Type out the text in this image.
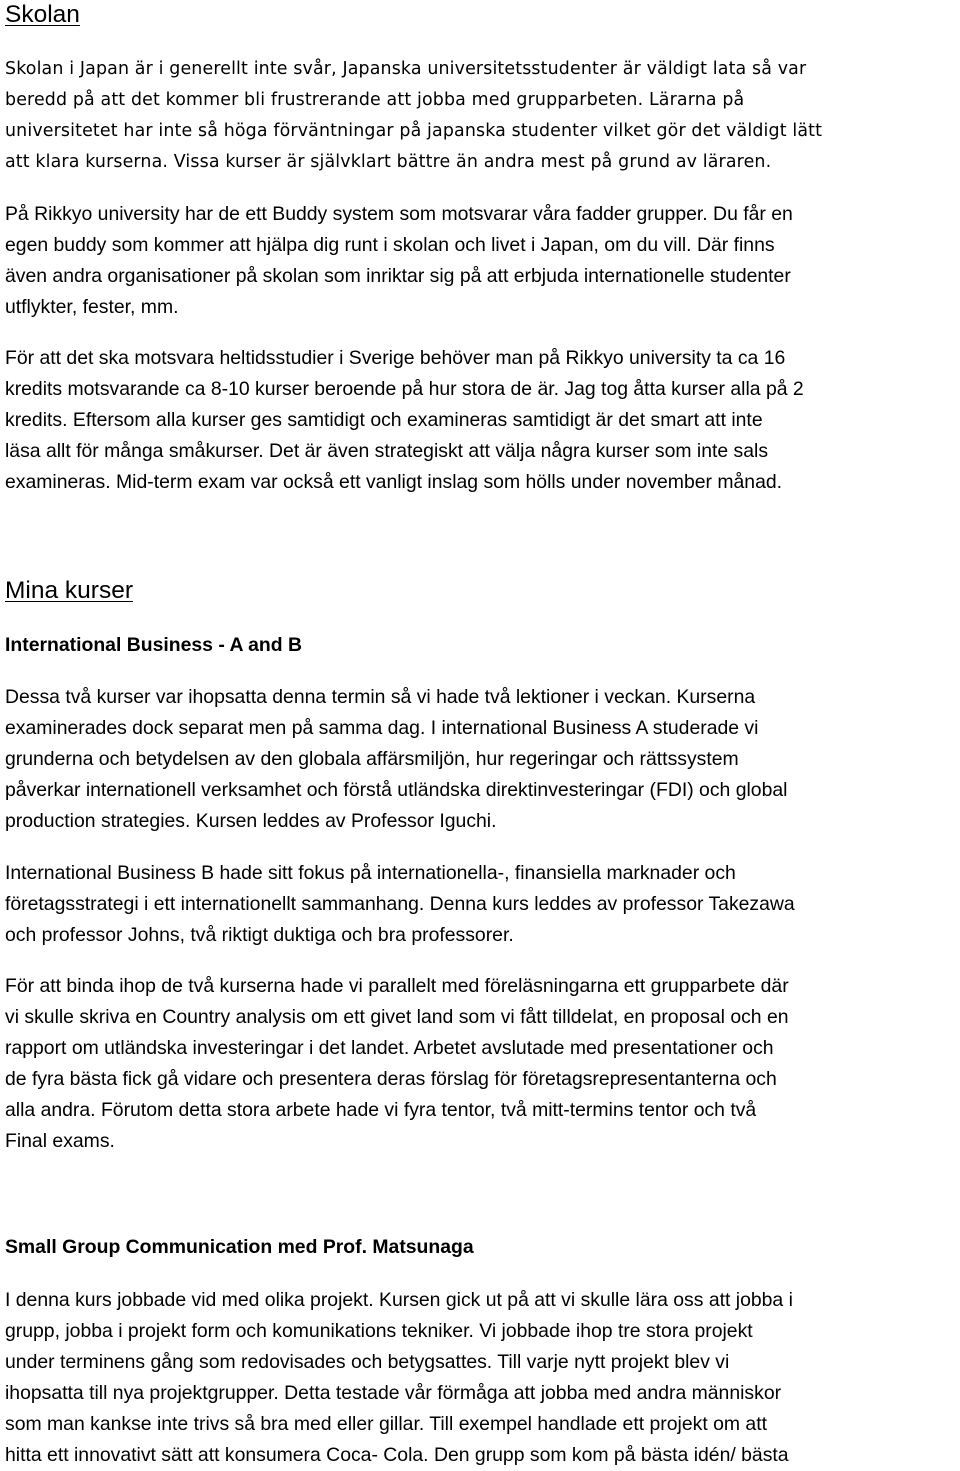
Skolan

Skolan i Japan är i generellt inte svår, Japanska universitetsstudenter är väldigt lata så var
beredd på att det kommer bli frustrerande att jobba med grupparbeten. Lärarna på
universitetet har inte så höga förväntningar på japanska studenter vilket gör det väldigt lätt
att klara kurserna. Vissa kurser är självklart bättre än andra mest på grund av läraren.

På Rikkyo university har de ett Buddy system som motsvarar våra fadder grupper. Du får en
egen buddy som kommer att hjälpa dig runt i skolan och livet i Japan, om du vill. Där finns
även andra organisationer på skolan som inriktar sig på att erbjuda internationelle studenter
utflykter, fester, mm.

För att det ska motsvara heltidsstudier i Sverige behöver man på Rikkyo university ta ca 16
kredits motsvarande ca 8-10 kurser beroende på hur stora de är. Jag tog åtta kurser alla på 2
kredits. Eftersom alla kurser ges samtidigt och examineras samtidigt är det smart att inte
läsa allt för många småkurser. Det är även strategiskt att välja några kurser som inte sals
examineras. Mid-term exam var också ett vanligt inslag som hölls under november månad.

Mina kurser
International Business - A and B

Dessa två kurser var ihopsatta denna termin så vi hade två lektioner i veckan. Kurserna
examinerades dock separat men på samma dag. I international Business A studerade vi
grunderna och betydelsen av den globala affärsmiljön, hur regeringar och rättssystem
påverkar internationell verksamhet och förstå utländska direktinvesteringar (FDI) och global
production strategies. Kursen leddes av Professor Iguchi.

International Business B hade sitt fokus på internationella-, finansiella marknader och
företagsstrategi i ett internationellt sammanhang. Denna kurs leddes av professor Takezawa
och professor Johns, två riktigt duktiga och bra professorer.

För att binda ihop de två kurserna hade vi parallelt med föreläsningarna ett grupparbete där
vi skulle skriva en Country analysis om ett givet land som vi fått tilldelat, en proposal och en
rapport om utländska investeringar i det landet. Arbetet avslutade med presentationer och
de fyra bästa fick gå vidare och presentera deras förslag för företagsrepresentanterna och
alla andra. Förutom detta stora arbete hade vi fyra tentor, två mitt-termins tentor och två
Final exams.

Small Group Communication med Prof. Matsunaga

I denna kurs jobbade vid med olika projekt. Kursen gick ut på att vi skulle lära oss att jobba i
grupp, jobba i projekt form och komunikations tekniker. Vi jobbade ihop tre stora projekt
under terminens gång som redovisades och betygsattes. Till varje nytt projekt blev vi
ihopsatta till nya projektgrupper. Detta testade vår förmåga att jobba med andra människor
som man kankse inte trivs så bra med eller gillar. Till exempel handlade ett projekt om att
hitta ett innovativt sätt att konsumera Coca- Cola. Den grupp som kom på bästa idén/ bästa
